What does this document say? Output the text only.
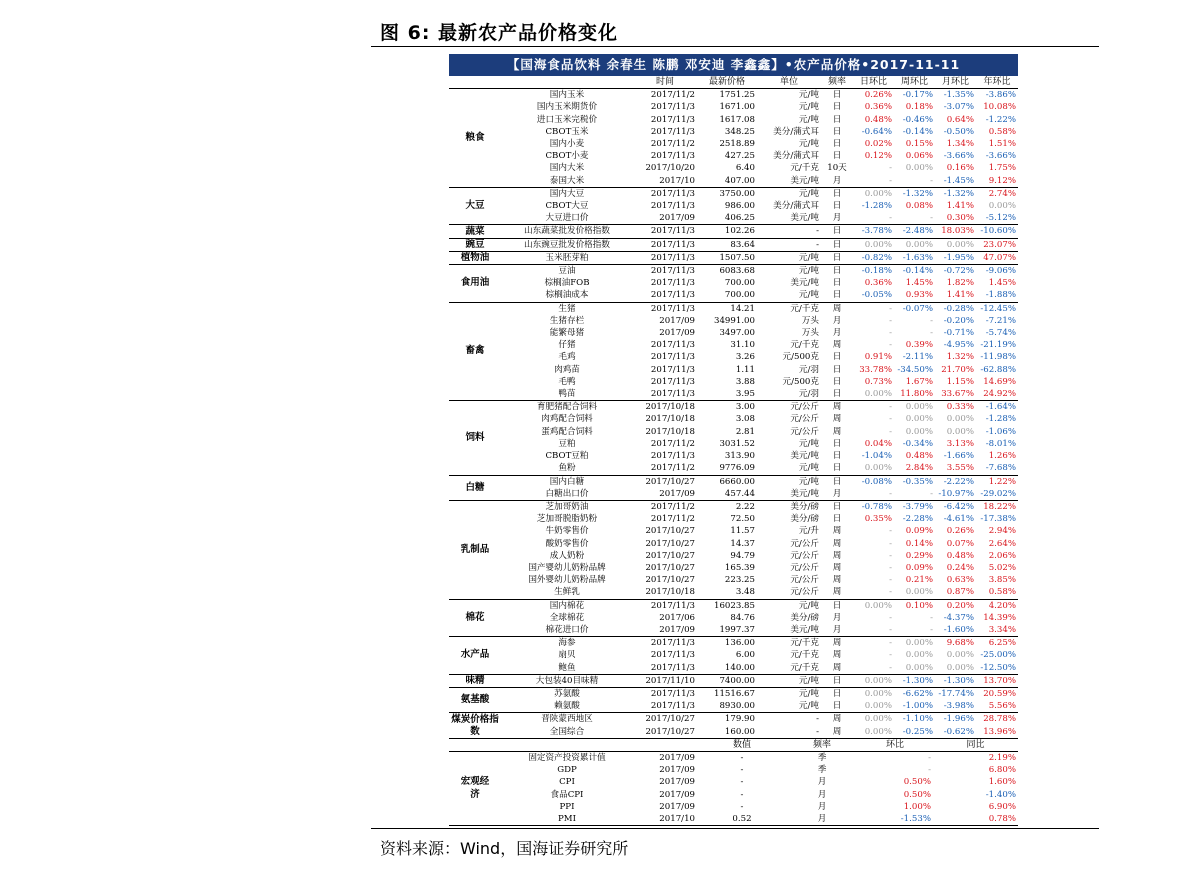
图 6: 最新农产品价格变化
【国海食品饮料 余春生 陈鹏 邓安迪 李鑫鑫】•农产品价格•2017-11-11
		时间	最新价格	单位	频率	日环比	周环比	月环比	年环比
粮食	国内玉米	2017/11/2	1751.25	元/吨	日	0.26%	-0.17%	-1.35%	-3.86%
	国内玉米期货价	2017/11/3	1671.00	元/吨	日	0.36%	0.18%	-3.07%	10.08%
	进口玉米完税价	2017/11/3	1617.08	元/吨	日	0.48%	-0.46%	0.64%	-1.22%
	CBOT玉米	2017/11/3	348.25	美分/蒲式耳	日	-0.64%	-0.14%	-0.50%	0.58%
	国内小麦	2017/11/2	2518.89	元/吨	日	0.02%	0.15%	1.34%	1.51%
	CBOT小麦	2017/11/3	427.25	美分/蒲式耳	日	0.12%	0.06%	-3.66%	-3.66%
	国内大米	2017/10/20	6.40	元/千克	10天	-	0.00%	0.16%	1.75%
	泰国大米	2017/10	407.00	美元/吨	月	-	-	-1.45%	9.12%
大豆	国内大豆	2017/11/3	3750.00	元/吨	日	0.00%	-1.32%	-1.32%	2.74%
	CBOT大豆	2017/11/3	986.00	美分/蒲式耳	日	-1.28%	0.08%	1.41%	0.00%
	大豆进口价	2017/09	406.25	美元/吨	月	-	-	0.30%	-5.12%
蔬菜	山东蔬菜批发价格指数	2017/11/3	102.26	-	日	-3.78%	-2.48%	18.03%	-10.60%
豌豆	山东豌豆批发价格指数	2017/11/3	83.64	-	日	0.00%	0.00%	0.00%	23.07%
植物油	玉米胚芽粕	2017/11/3	1507.50	元/吨	日	-0.82%	-1.63%	-1.95%	47.07%
食用油	豆油	2017/11/3	6083.68	元/吨	日	-0.18%	-0.14%	-0.72%	-9.06%
	棕榈油FOB	2017/11/3	700.00	美元/吨	日	0.36%	1.45%	1.82%	1.45%
	棕榈油成本	2017/11/3	700.00	元/吨	日	-0.05%	0.93%	1.41%	-1.88%
畜禽	生猪	2017/11/3	14.21	元/千克	周	-	-0.07%	-0.28%	-12.45%
	生猪存栏	2017/09	34991.00	万头	月	-	-	-0.20%	-7.21%
	能繁母猪	2017/09	3497.00	万头	月	-	-	-0.71%	-5.74%
	仔猪	2017/11/3	31.10	元/千克	周	-	0.39%	-4.95%	-21.19%
	毛鸡	2017/11/3	3.26	元/500克	日	0.91%	-2.11%	1.32%	-11.98%
	肉鸡苗	2017/11/3	1.11	元/羽	日	33.78%	-34.50%	21.70%	-62.88%
	毛鸭	2017/11/3	3.88	元/500克	日	0.73%	1.67%	1.15%	14.69%
	鸭苗	2017/11/3	3.95	元/羽	日	0.00%	11.80%	33.67%	24.92%
饲料	育肥猪配合饲料	2017/10/18	3.00	元/公斤	周	-	0.00%	0.33%	-1.64%
	肉鸡配合饲料	2017/10/18	3.08	元/公斤	周	-	0.00%	0.00%	-1.28%
	蛋鸡配合饲料	2017/10/18	2.81	元/公斤	周	-	0.00%	0.00%	-1.06%
	豆粕	2017/11/2	3031.52	元/吨	日	0.04%	-0.34%	3.13%	-8.01%
	CBOT豆粕	2017/11/3	313.90	美元/吨	日	-1.04%	0.48%	-1.66%	1.26%
	鱼粉	2017/11/2	9776.09	元/吨	日	0.00%	2.84%	3.55%	-7.68%
白糖	国内白糖	2017/10/27	6660.00	元/吨	日	-0.08%	-0.35%	-2.22%	1.22%
	白糖出口价	2017/09	457.44	美元/吨	月	-	-	-10.97%	-29.02%
乳制品	芝加哥奶油	2017/11/2	2.22	美分/磅	日	-0.78%	-3.79%	-6.42%	18.22%
	芝加哥脱脂奶粉	2017/11/2	72.50	美分/磅	日	0.35%	-2.28%	-4.61%	-17.38%
	牛奶零售价	2017/10/27	11.57	元/升	周	-	0.09%	0.26%	2.94%
	酸奶零售价	2017/10/27	14.37	元/公斤	周	-	0.14%	0.07%	2.64%
	成人奶粉	2017/10/27	94.79	元/公斤	周	-	0.29%	0.48%	2.06%
	国产婴幼儿奶粉品牌	2017/10/27	165.39	元/公斤	周	-	0.09%	0.24%	5.02%
	国外婴幼儿奶粉品牌	2017/10/27	223.25	元/公斤	周	-	0.21%	0.63%	3.85%
	生鲜乳	2017/10/18	3.48	元/公斤	周	-	0.00%	0.87%	0.58%
棉花	国内棉花	2017/11/3	16023.85	元/吨	日	0.00%	0.10%	0.20%	4.20%
	全球棉花	2017/06	84.76	美分/磅	月	-	-	-4.37%	14.39%
	棉花进口价	2017/09	1997.37	美元/吨	月	-	-	-1.60%	3.34%
水产品	海参	2017/11/3	136.00	元/千克	周	-	0.00%	9.68%	6.25%
	扇贝	2017/11/3	6.00	元/千克	周	-	0.00%	0.00%	-25.00%
	鲍鱼	2017/11/3	140.00	元/千克	周	-	0.00%	0.00%	-12.50%
味精	大包装40目味精	2017/11/10	7400.00	元/吨	日	0.00%	-1.30%	-1.30%	13.70%
氨基酸	苏氨酸	2017/11/3	11516.67	元/吨	日	0.00%	-6.62%	-17.74%	20.59%
	赖氨酸	2017/11/3	8930.00	元/吨	日	0.00%	-1.00%	-3.98%	5.56%
煤炭价格指数	晋陕蒙西地区	2017/10/27	179.90	-	周	0.00%	-1.10%	-1.96%	28.78%
	全国综合	2017/10/27	160.00	-	周	0.00%	-0.25%	-0.62%	13.96%
			数值	频率	环比	同比
宏观经济	固定资产投资累计值	2017/09	-	季	-	2.19%
	GDP	2017/09	-	季	-	6.80%
	CPI	2017/09	-	月	0.50%	1.60%
	食品CPI	2017/09	-	月	0.50%	-1.40%
	PPI	2017/09	-	月	1.00%	6.90%
	PMI	2017/10	0.52	月	-1.53%	0.78%
资料来源：Wind，国海证券研究所
